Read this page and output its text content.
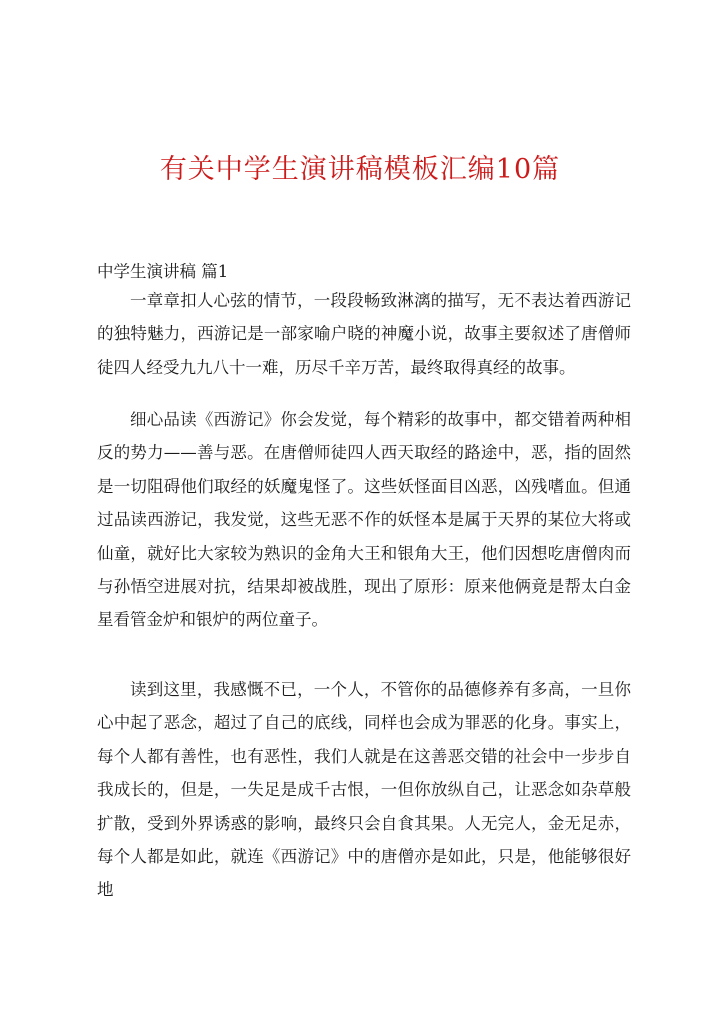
有关中学生演讲稿模板汇编10篇
中学生演讲稿 篇1

一章章扣人心弦的情节，一段段畅致淋漓的描写，无不表达着西游记的独特魅力，西游记是一部家喻户晓的神魔小说，故事主要叙述了唐僧师徒四人经受九九八十一难，历尽千辛万苦，最终取得真经的故事。

细心品读《西游记》你会发觉，每个精彩的故事中，都交错着两种相反的势力——善与恶。在唐僧师徒四人西天取经的路途中，恶，指的固然是一切阻碍他们取经的妖魔鬼怪了。这些妖怪面目凶恶，凶残嗜血。但通过品读西游记，我发觉，这些无恶不作的妖怪本是属于天界的某位大将或仙童，就好比大家较为熟识的金角大王和银角大王，他们因想吃唐僧肉而与孙悟空进展对抗，结果却被战胜，现出了原形：原来他俩竟是帮太白金星看管金炉和银炉的两位童子。

读到这里，我感慨不已，一个人，不管你的品德修养有多高，一旦你心中起了恶念，超过了自己的底线，同样也会成为罪恶的化身。事实上，每个人都有善性，也有恶性，我们人就是在这善恶交错的社会中一步步自我成长的，但是，一失足是成千古恨，一但你放纵自己，让恶念如杂草般扩散，受到外界诱惑的影响，最终只会自食其果。人无完人，金无足赤，每个人都是如此，就连《西游记》中的唐僧亦是如此，只是，他能够很好地
